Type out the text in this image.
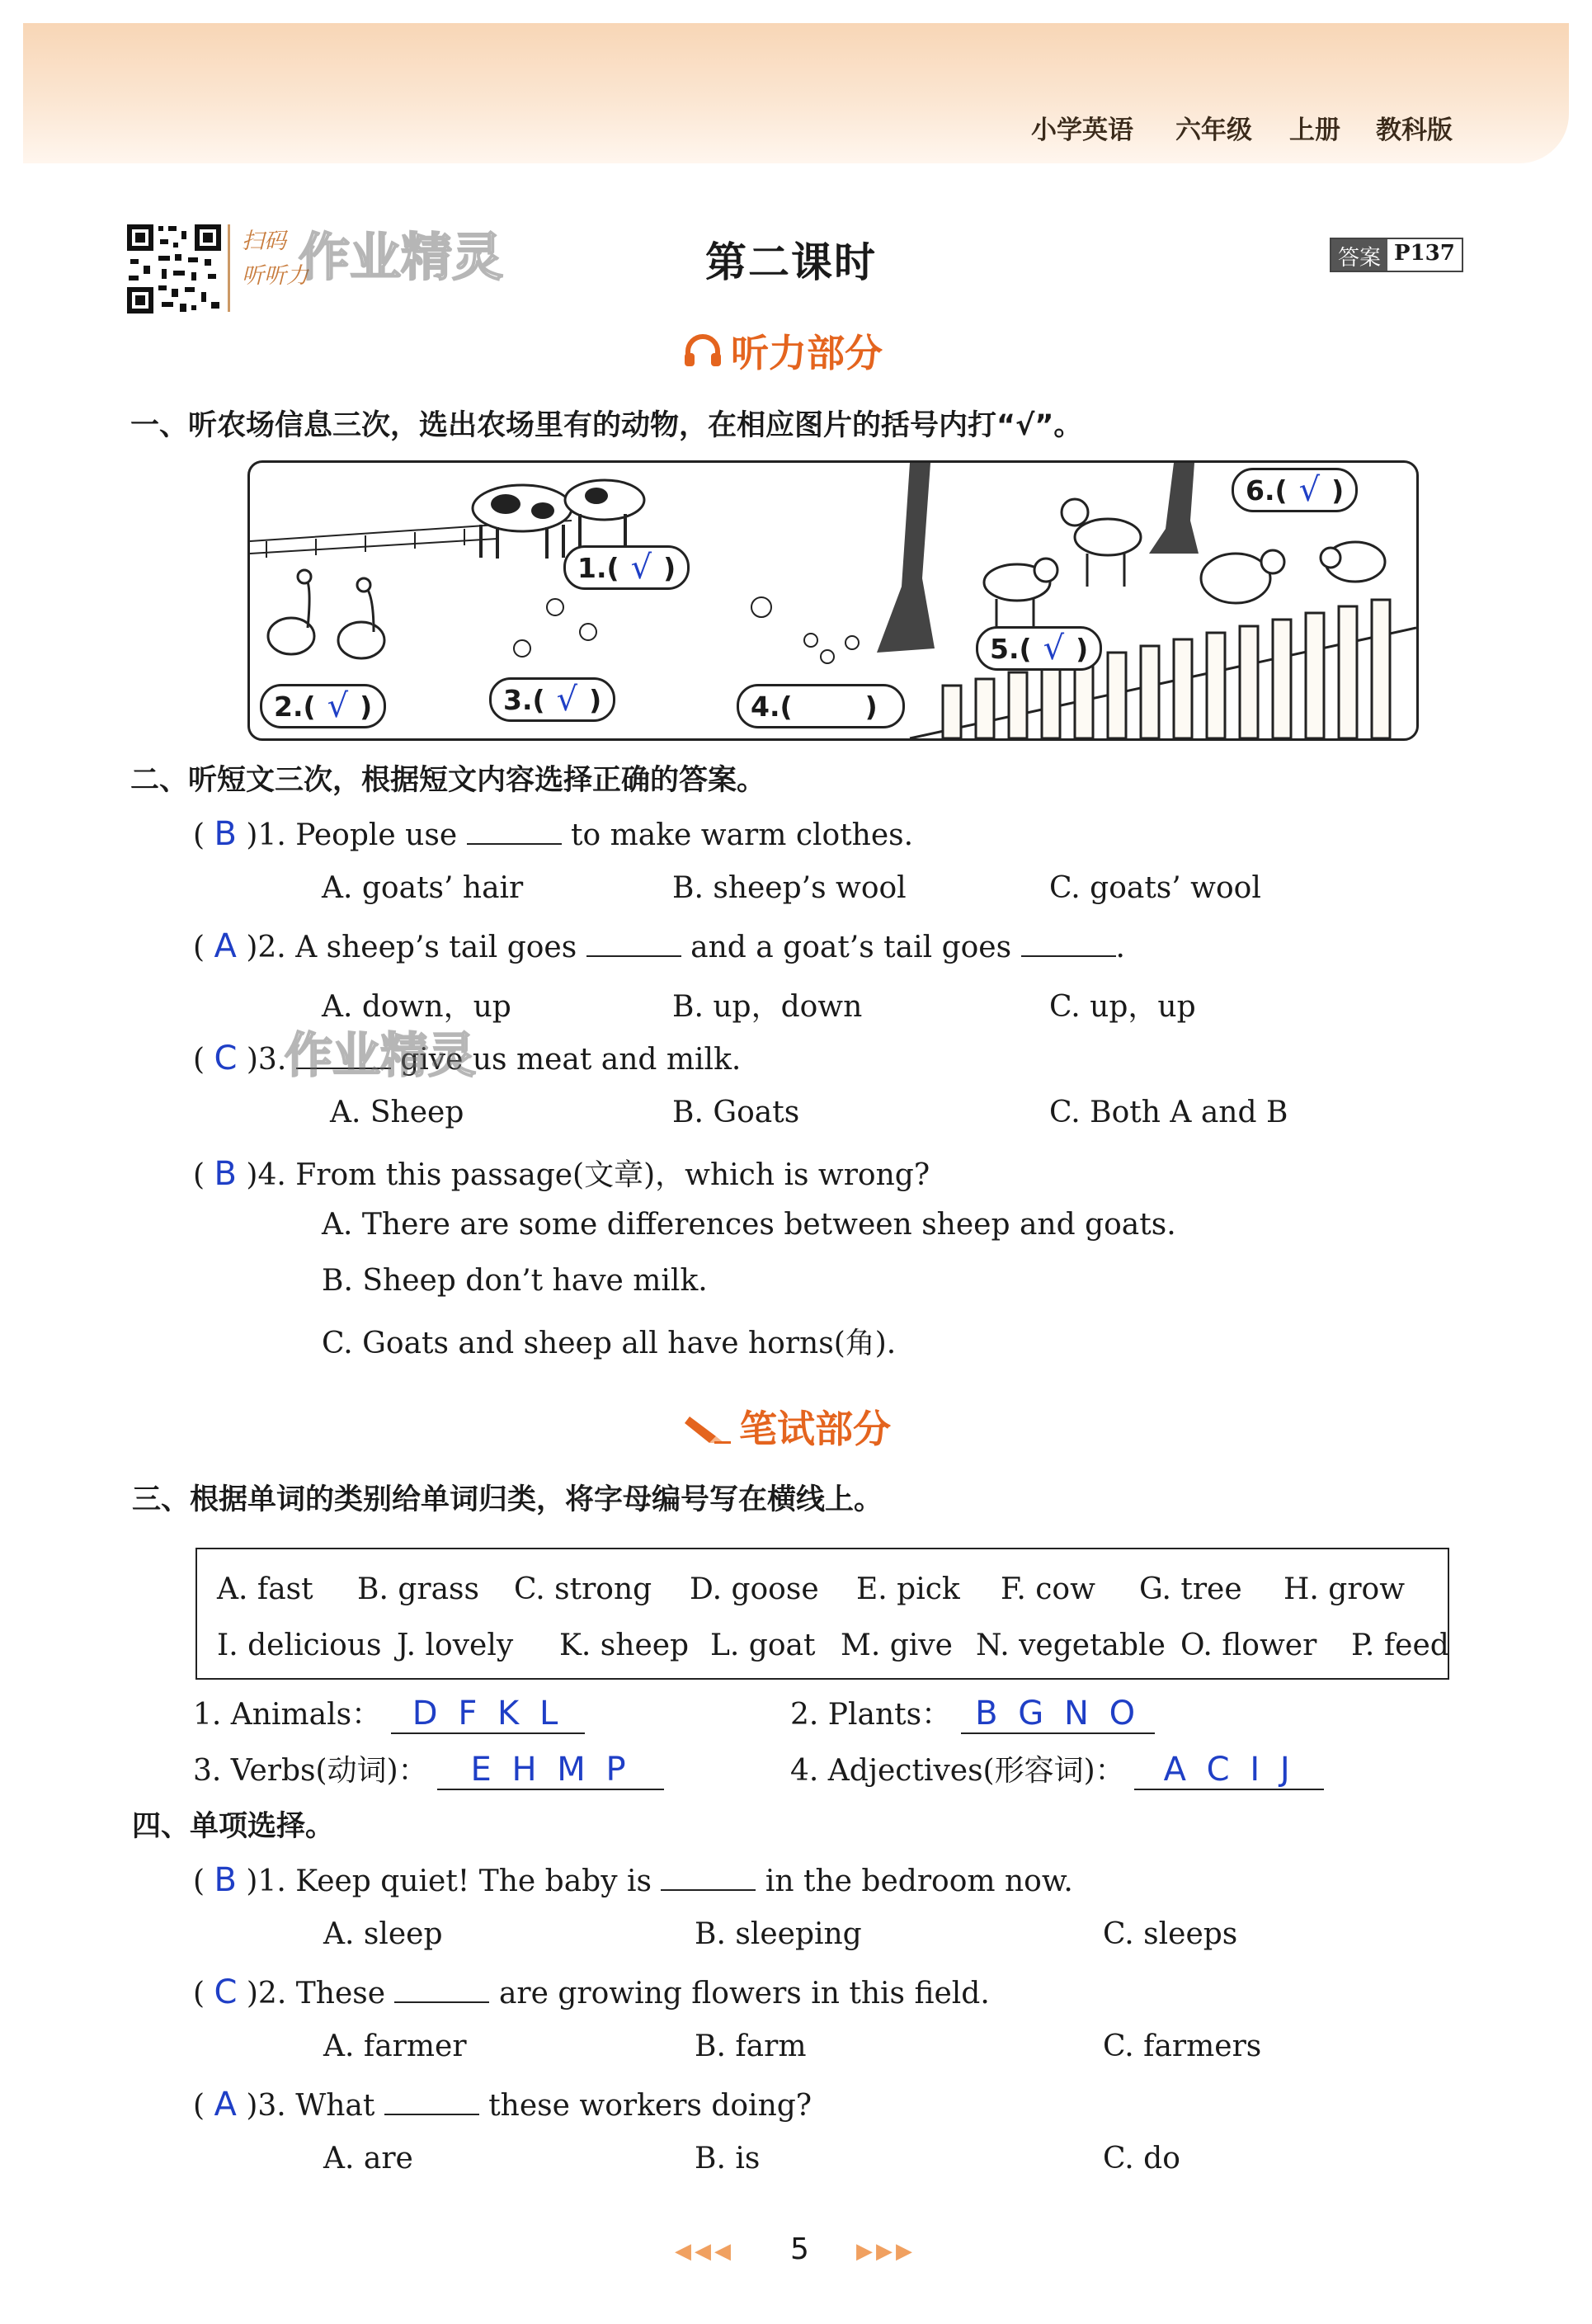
小学英语 六年级 上册 教科版
扫码
听听力
作业精灵	第二课时	答案 P137
听力部分
一、听农场信息三次，选出农场里有的动物，在相应图片的括号内打“√”。
1.( √ )
2.( √ )	3.( √ )	4.(	)
5.( √ )
6.( √ )
二、听短文三次，根据短文内容选择正确的答案。
( B )1. People use	to make warm clothes.
A. goats’ hair	B. sheep’s wool	C. goats’ wool
( A )2. A sheep’s tail goes	and a goat’s tail goes	.
A. down，up	B. up，down	C. up，up
( C )3.	give us meat and milk.
作业精灵
A. Sheep	B. Goats	C. Both A and B
( B )4. From this passage(文章)，which is wrong?
A. There are some differences between sheep and goats.
B. Sheep don’t have milk.
C. Goats and sheep all have horns(角).
笔试部分
三、根据单词的类别给单词归类，将字母编号写在横线上。
A. fast B. grass C. strong D. goose E. pick F. cow G. tree H. grow
I. delicious J. lovely K. sheep L. goat M. give N. vegetable O. flower P. feed
1. Animals： D F K L	2. Plants： B G N O
3. Verbs(动词)： E H M P	4. Adjectives(形容词)： A C I J
四、单项选择。
( B )1. Keep quiet! The baby is	in the bedroom now.
A. sleep	B. sleeping	C. sleeps
( C )2. These	are growing flowers in this field.
A. farmer	B. farm	C. farmers
( A )3. What	these workers doing?
A. are	B. is	C. do
◀◀◀ 5 ▶▶▶
